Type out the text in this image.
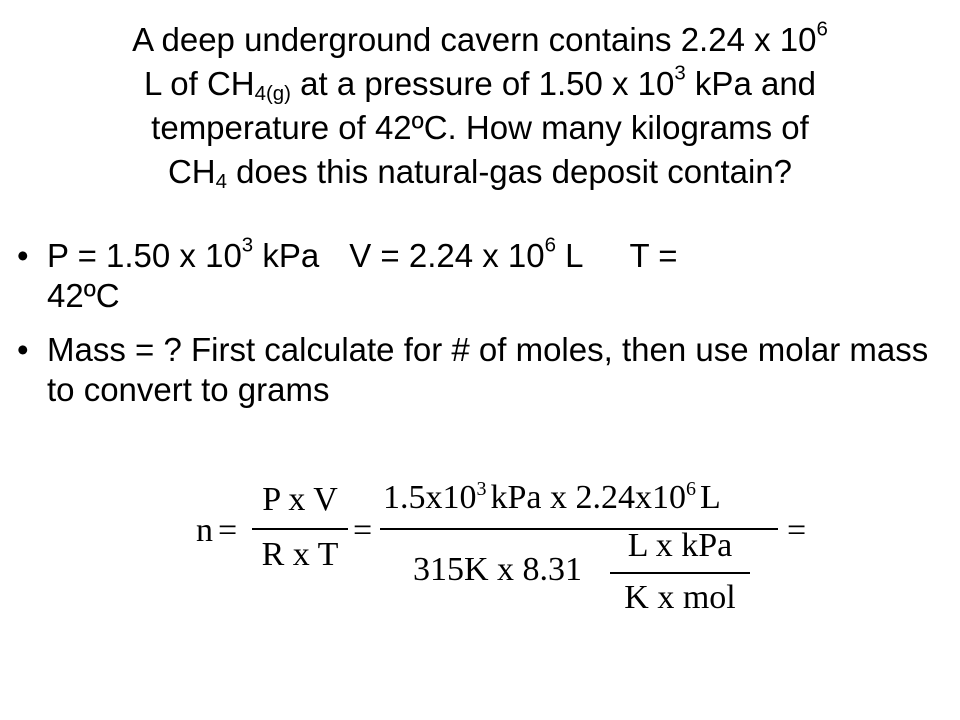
A deep underground cavern contains 2.24 x $10^6$
L of $CH_{4(g)}$ at a pressure of 1.50 x $10^3$ kPa and
temperature of 42ºC. How many kilograms of
$CH_4$ does this natural-gas deposit contain?
• P = 1.50 x $10^3$ kPa V = 2.24 x $10^6$ L T =
42ºC
• Mass = ? First calculate for # of moles, then use molar mass to convert to grams
n =
P x V
R x T
=
$1.5x10^3$ kPa x $2.24x10^6$ L
315K x 8.31
L x kPa
K x mol
=
